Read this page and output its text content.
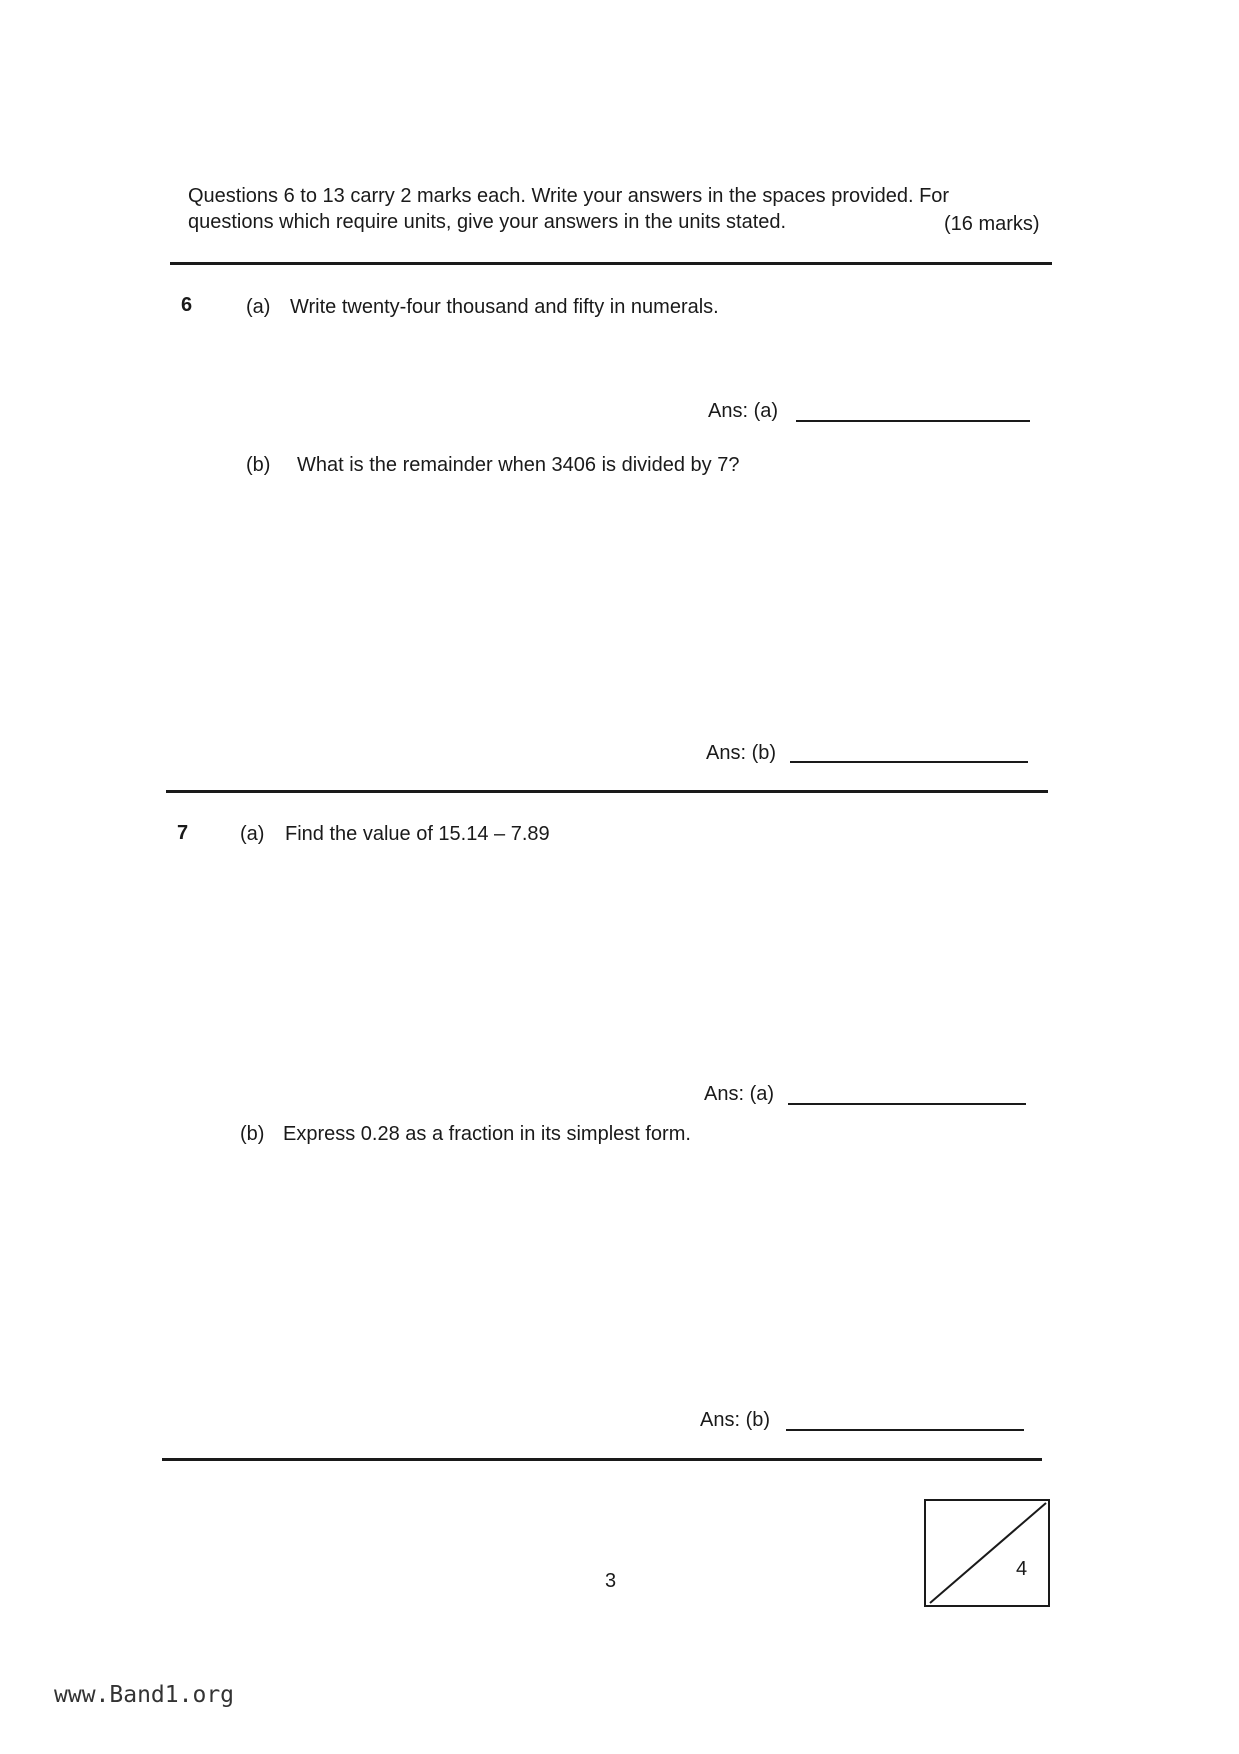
Questions 6 to 13 carry 2 marks each. Write your answers in the spaces provided. For
questions which require units, give your answers in the units stated.	(16 marks)
6	(a) Write twenty-four thousand and fifty in numerals.
Ans: (a)
(b) What is the remainder when 3406 is divided by 7?
Ans: (b)
7	(a) Find the value of 15.14 – 7.89
Ans: (a)
(b) Express 0.28 as a fraction in its simplest form.
Ans: (b)
3
4
www.Band1.org
